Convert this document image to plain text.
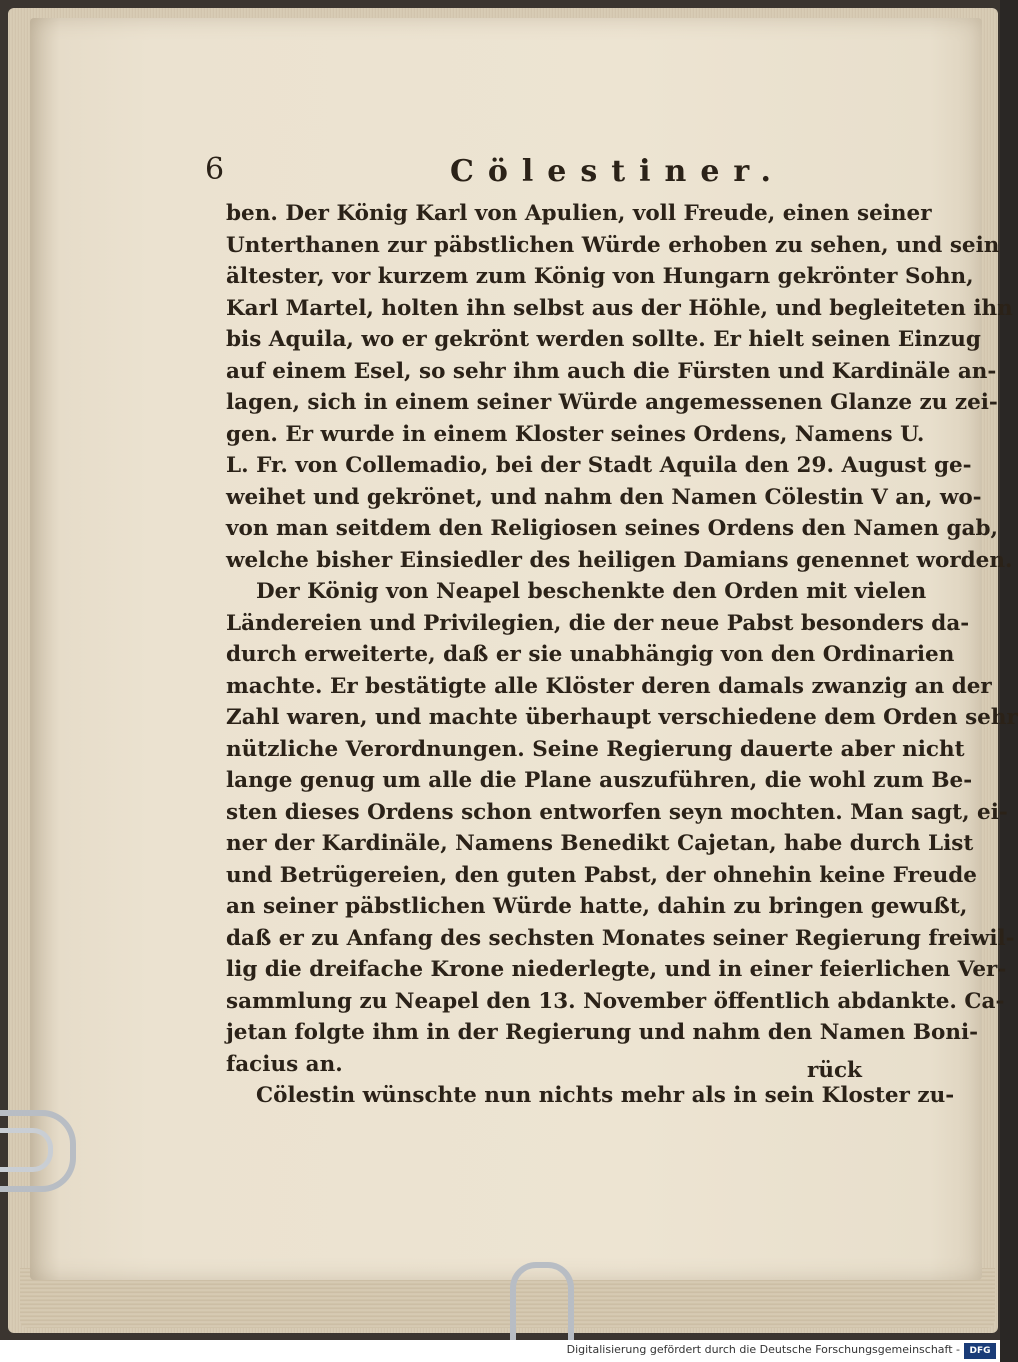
6	Cölestiner.
ben. Der König Karl von Apulien, voll Freude, einen seiner
Unterthanen zur päbstlichen Würde erhoben zu sehen, und sein
ältester, vor kurzem zum König von Hungarn gekrönter Sohn,
Karl Martel, holten ihn selbst aus der Höhle, und begleiteten ihn
bis Aquila, wo er gekrönt werden sollte. Er hielt seinen Einzug
auf einem Esel, so sehr ihm auch die Fürsten und Kardinäle an-
lagen, sich in einem seiner Würde angemessenen Glanze zu zei-
gen. Er wurde in einem Kloster seines Ordens, Namens U.
L. Fr. von Collemadio, bei der Stadt Aquila den 29. August ge-
weihet und gekrönet, und nahm den Namen Cölestin V an, wo-
von man seitdem den Religiosen seines Ordens den Namen gab,
welche bisher Einsiedler des heiligen Damians genennet worden.
Der König von Neapel beschenkte den Orden mit vielen
Ländereien und Privilegien, die der neue Pabst besonders da-
durch erweiterte, daß er sie unabhängig von den Ordinarien
machte. Er bestätigte alle Klöster deren damals zwanzig an der
Zahl waren, und machte überhaupt verschiedene dem Orden sehr
nützliche Verordnungen. Seine Regierung dauerte aber nicht
lange genug um alle die Plane auszuführen, die wohl zum Be-
sten dieses Ordens schon entworfen seyn mochten. Man sagt, ei-
ner der Kardinäle, Namens Benedikt Cajetan, habe durch List
und Betrügereien, den guten Pabst, der ohnehin keine Freude
an seiner päbstlichen Würde hatte, dahin zu bringen gewußt,
daß er zu Anfang des sechsten Monates seiner Regierung freiwil-
lig die dreifache Krone niederlegte, und in einer feierlichen Ver-
sammlung zu Neapel den 13. November öffentlich abdankte. Ca-
jetan folgte ihm in der Regierung und nahm den Namen Boni-
facius an.
Cölestin wünschte nun nichts mehr als in sein Kloster zu-
rück
Digitalisierung gefördert durch die Deutsche Forschungsgemeinschaft -	DFG
